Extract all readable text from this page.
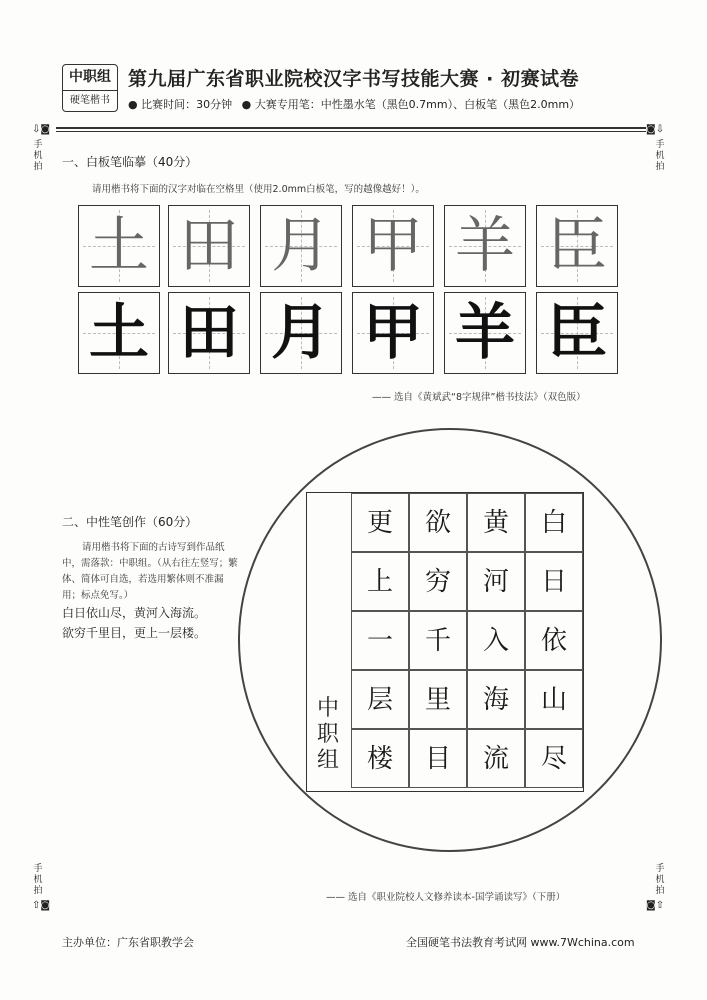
中职组
硬笔楷书
第九届广东省职业院校汉字书写技能大赛 · 初赛试卷
● 比赛时间：30分钟 ● 大赛专用笔：中性墨水笔（黑色0.7mm）、白板笔（黑色2.0mm）
⇩◙
手
机
拍
◙⇩
手
机
拍
手
机
拍
⇧◙
手
机
拍
◙⇧
一、白板笔临摹（40分）
请用楷书将下面的汉字对临在空格里（使用2.0mm白板笔，写的越像越好！）。
土 田 月 甲 羊 臣
土 田 月 甲 羊 臣
—— 选自《黄斌武“8字规律”楷书技法》（双色版）
二、中性笔创作（60分）
请用楷书将下面的古诗写到作品纸中，需落款：中职组。（从右往左竖写；繁体、简体可自选，若选用繁体则不准漏用；标点免写。）
白日依山尽，黄河入海流。
欲穷千里目，更上一层楼。
更
上
一
层
楼
欲
穷
千
里
目
黄
河
入
海
流
白
日
依
山
尽
中
职
组
—— 选自《职业院校人文修养读本-国学诵读写》（下册）
主办单位：广东省职教学会	全国硬笔书法教育考试网 www.7Wchina.com
